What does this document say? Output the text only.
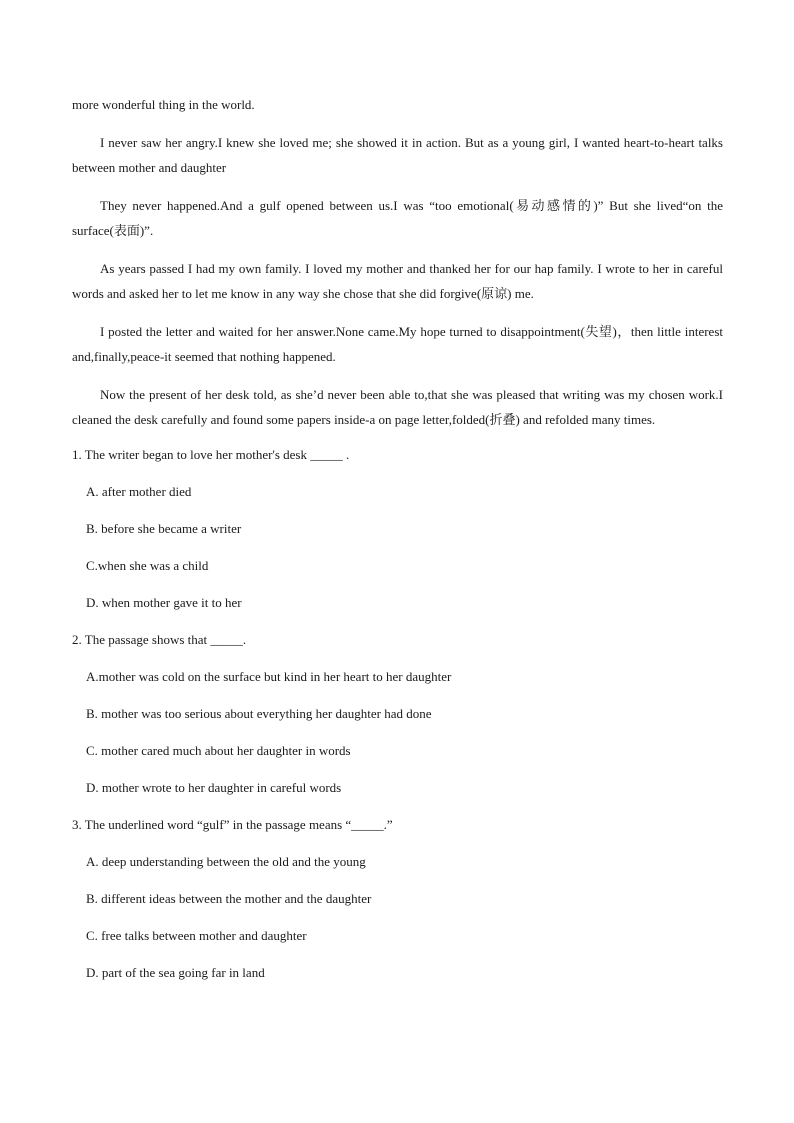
more wonderful thing in the world.

I never saw her angry.I knew she loved me; she showed it in action. But as a young girl, I wanted heart-to-heart talks between mother and daughter

They never happened.And a gulf opened between us.I was “too emotional(易动感情的)” But she lived“on the surface(表面)”.

As years passed I had my own family. I loved my mother and thanked her for our hap family. I wrote to her in careful words and asked her to let me know in any way she chose that she did forgive(原谅) me.

I posted the letter and waited for her answer.None came.My hope turned to disappointment(失望)，then little interest and,finally,peace-it seemed that nothing happened.

Now the present of her desk told, as she’d never been able to,that she was pleased that writing was my chosen work.I cleaned the desk carefully and found some papers inside-a on page letter,folded(折叠) and refolded many times.

1. The writer began to love her mother's desk _____ .

A. after mother died

B. before she became a writer

C.when she was a child

D. when mother gave it to her

2. The passage shows that _____.

A.mother was cold on the surface but kind in her heart to her daughter

B. mother was too serious about everything her daughter had done

C. mother cared much about her daughter in words

D. mother wrote to her daughter in careful words

3. The underlined word “gulf” in the passage means “_____.”

A. deep understanding between the old and the young

B. different ideas between the mother and the daughter

C. free talks between mother and daughter

D. part of the sea going far in land
